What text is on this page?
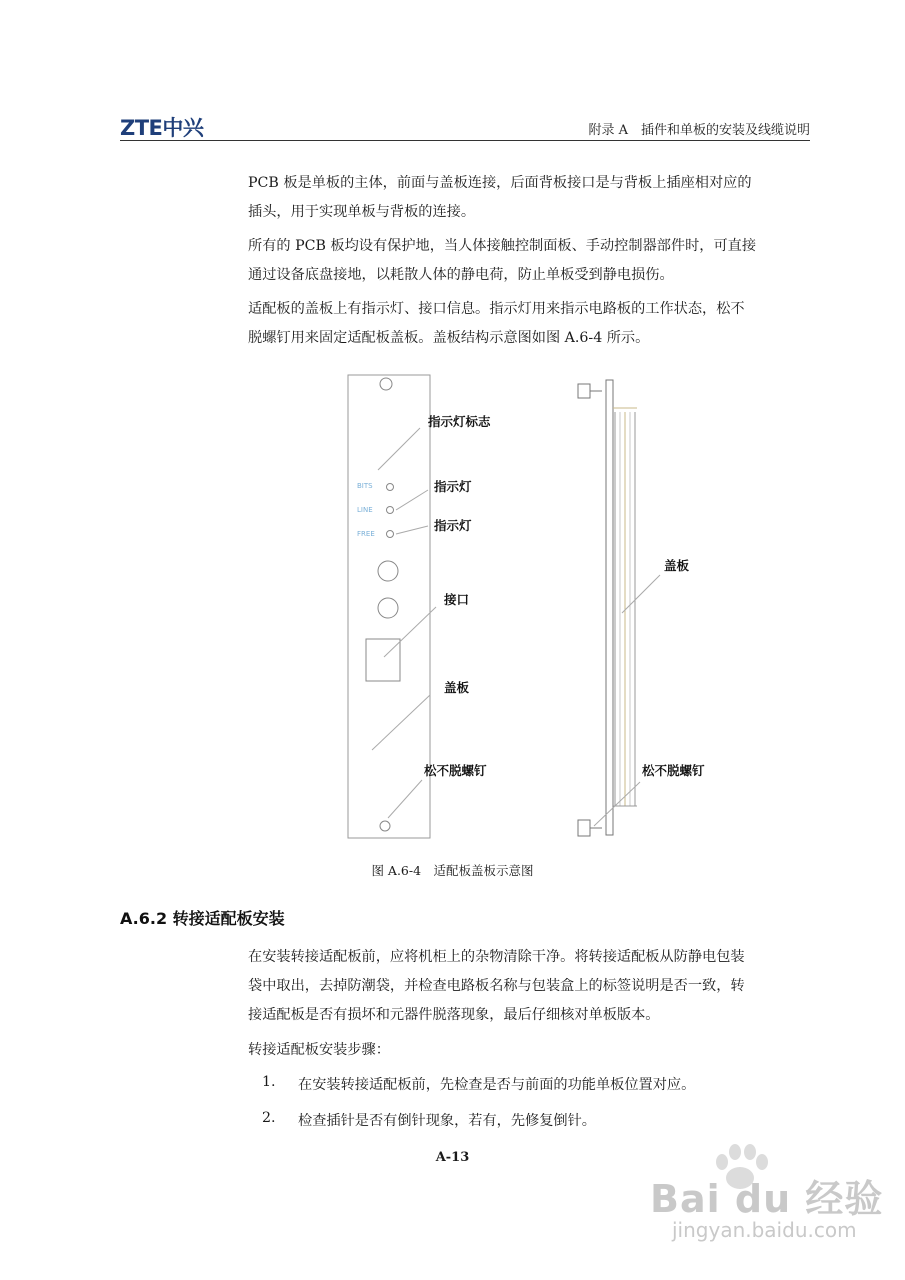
ZTE中兴	附录 A　插件和单板的安装及线缆说明
PCB 板是单板的主体，前面与盖板连接，后面背板接口是与背板上插座相对应的
插头，用于实现单板与背板的连接。
所有的 PCB 板均设有保护地，当人体接触控制面板、手动控制器部件时，可直接
通过设备底盘接地，以耗散人体的静电荷，防止单板受到静电损伤。
适配板的盖板上有指示灯、接口信息。指示灯用来指示电路板的工作状态，松不
脱螺钉用来固定适配板盖板。盖板结构示意图如图 A.6-4 所示。
BITS
LINE
FREE
指示灯标志
指示灯
指示灯
接口
盖板
松不脱螺钉
盖板
松不脱螺钉
图 A.6-4　适配板盖板示意图
A.6.2 转接适配板安装
在安装转接适配板前，应将机柜上的杂物清除干净。将转接适配板从防静电包装
袋中取出，去掉防潮袋，并检查电路板名称与包装盒上的标签说明是否一致，转
接适配板是否有损坏和元器件脱落现象，最后仔细核对单板版本。
转接适配板安装步骤：
1. 在安装转接适配板前，先检查是否与前面的功能单板位置对应。
2. 检查插针是否有倒针现象，若有，先修复倒针。
A-13
Bai du 经验
jingyan.baidu.com
